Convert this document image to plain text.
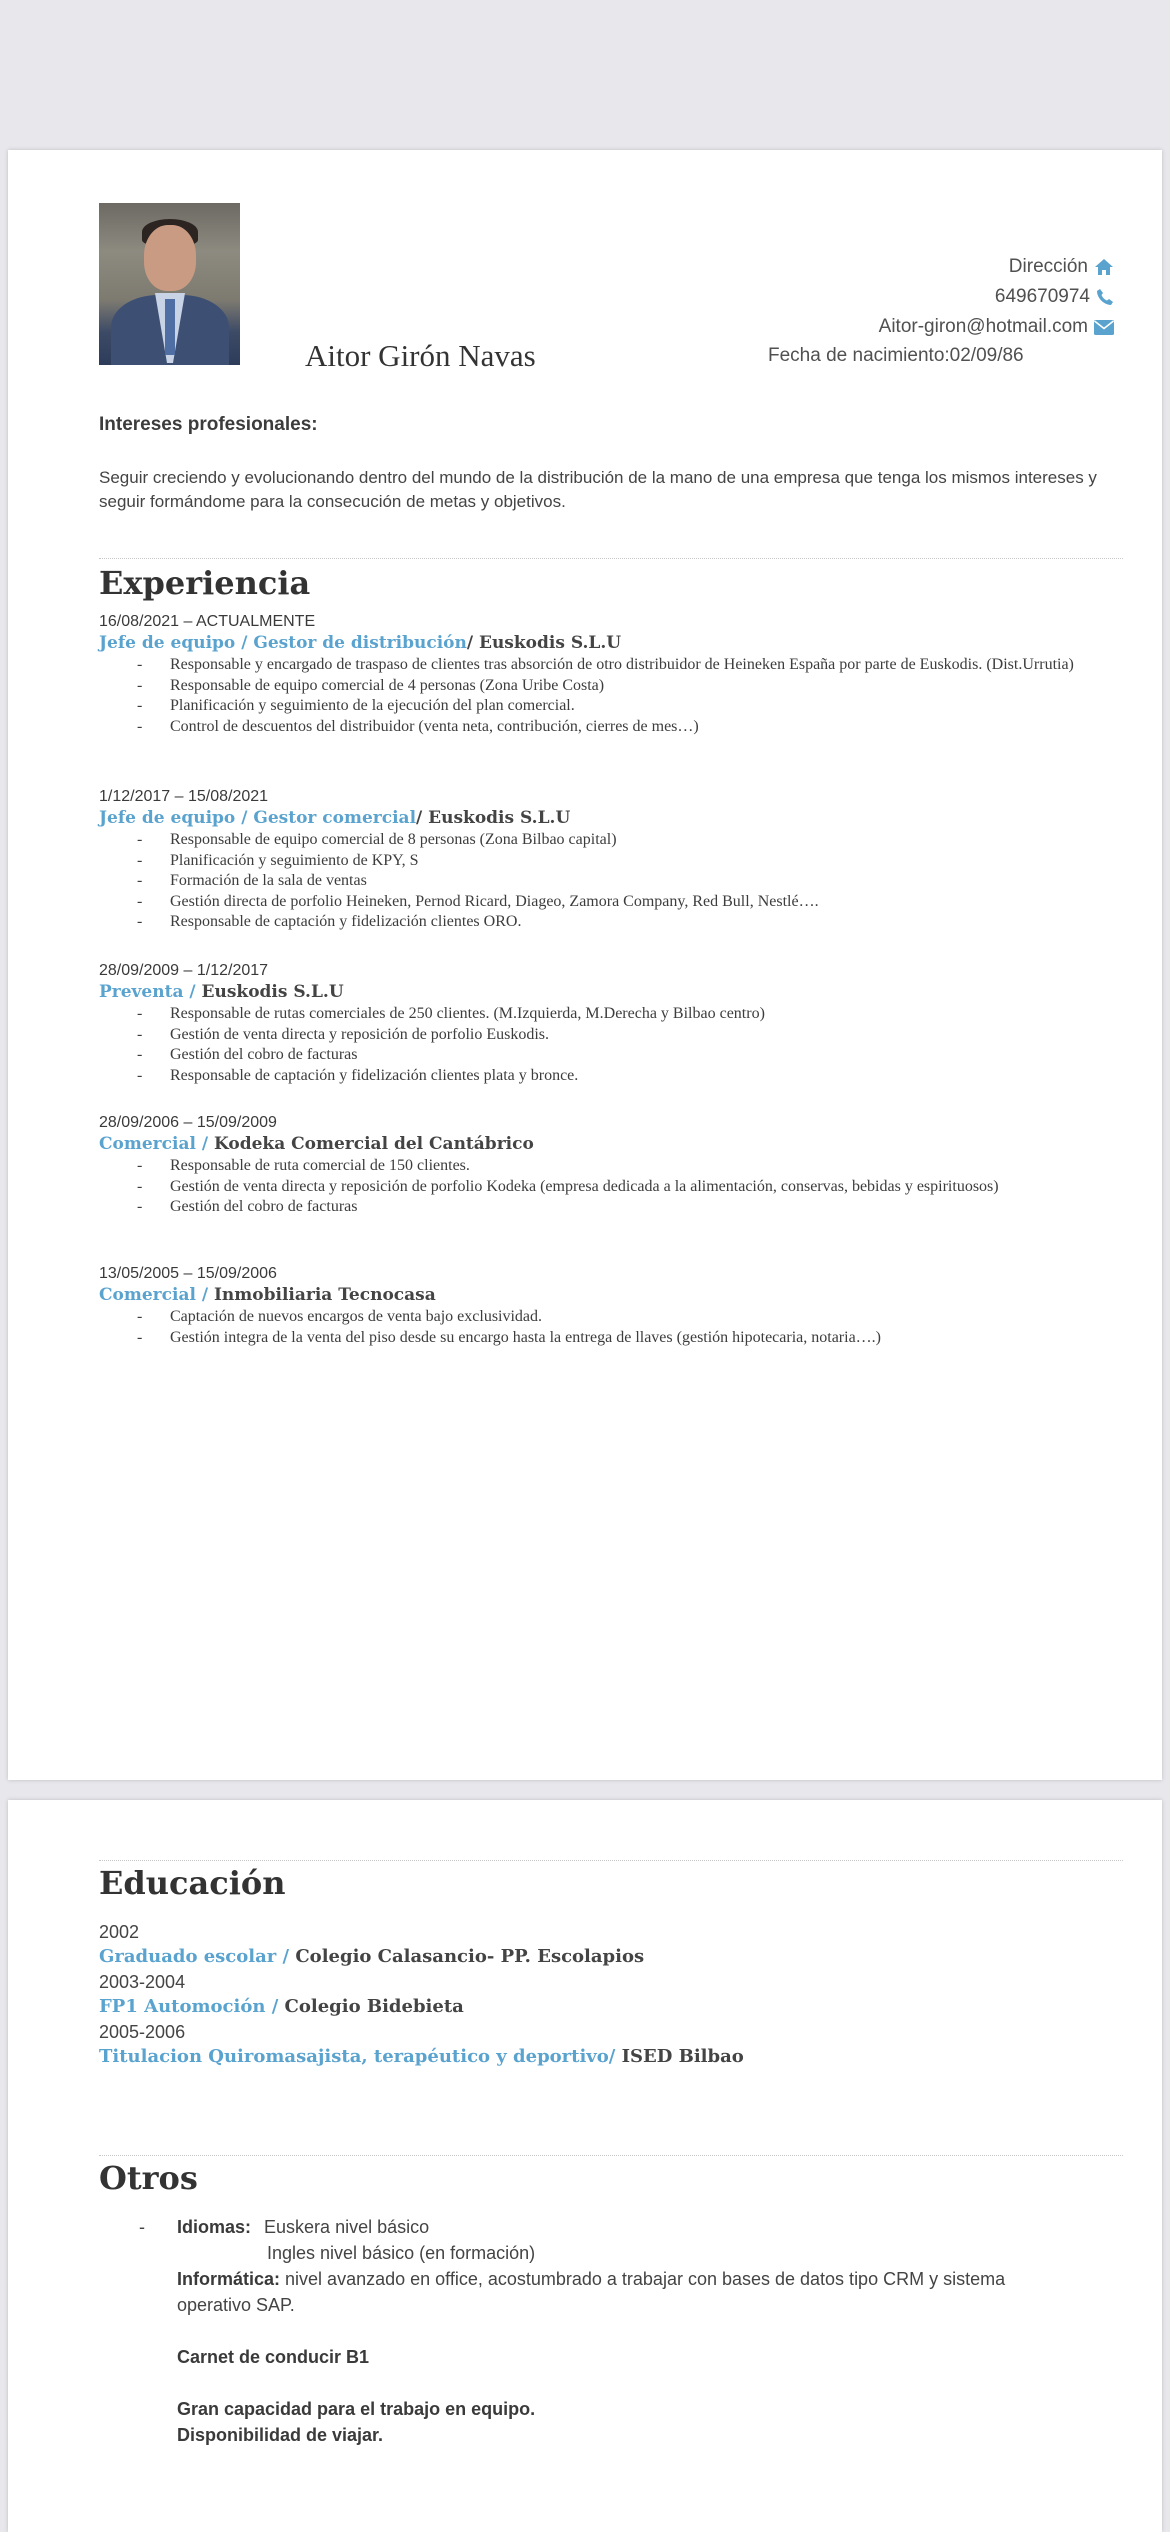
Aitor Girón Navas
Dirección
649670974
Aitor-giron@hotmail.com
Fecha de nacimiento:02/09/86
Intereses profesionales:
Seguir creciendo y evolucionando dentro del mundo de la distribución de la mano de una empresa que tenga los mismos intereses y seguir formándome para la consecución de metas y objetivos.
Experiencia
16/08/2021 – ACTUALMENTE
Jefe de equipo / Gestor de distribución/ Euskodis S.L.U
- Responsable y encargado de traspaso de clientes tras absorción de otro distribuidor de Heineken España por parte de Euskodis. (Dist.Urrutia)
- Responsable de equipo comercial de 4 personas (Zona Uribe Costa)
- Planificación y seguimiento de la ejecución del plan comercial.
- Control de descuentos del distribuidor (venta neta, contribución, cierres de mes…)
1/12/2017 – 15/08/2021
Jefe de equipo / Gestor comercial/ Euskodis S.L.U
- Responsable de equipo comercial de 8 personas (Zona Bilbao capital)
- Planificación y seguimiento de KPY, S
- Formación de la sala de ventas
- Gestión directa de porfolio Heineken, Pernod Ricard, Diageo, Zamora Company, Red Bull, Nestlé….
- Responsable de captación y fidelización clientes ORO.
28/09/2009 – 1/12/2017
Preventa / Euskodis S.L.U
- Responsable de rutas comerciales de 250 clientes. (M.Izquierda, M.Derecha y Bilbao centro)
- Gestión de venta directa y reposición de porfolio Euskodis.
- Gestión del cobro de facturas
- Responsable de captación y fidelización clientes plata y bronce.
28/09/2006 – 15/09/2009
Comercial / Kodeka Comercial del Cantábrico
- Responsable de ruta comercial de 150 clientes.
- Gestión de venta directa y reposición de porfolio Kodeka (empresa dedicada a la alimentación, conservas, bebidas y espirituosos)
- Gestión del cobro de facturas
13/05/2005 – 15/09/2006
Comercial / Inmobiliaria Tecnocasa
- Captación de nuevos encargos de venta bajo exclusividad.
- Gestión integra de la venta del piso desde su encargo hasta la entrega de llaves (gestión hipotecaria, notaria….)
Educación
2002
Graduado escolar / Colegio Calasancio- PP. Escolapios
2003-2004
FP1 Automoción / Colegio Bidebieta
2005-2006
Titulacion Quiromasajista, terapéutico y deportivo/ ISED Bilbao
Otros
- Idiomas: Euskera nivel básico
Ingles nivel básico (en formación)
Informática: nivel avanzado en office, acostumbrado a trabajar con bases de datos tipo CRM y sistema operativo SAP.
Carnet de conducir B1
Gran capacidad para el trabajo en equipo.
Disponibilidad de viajar.
